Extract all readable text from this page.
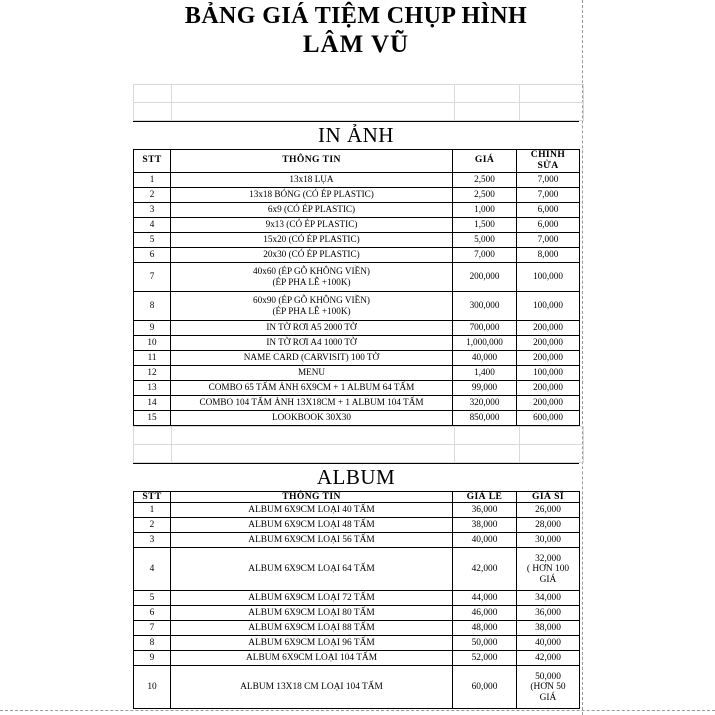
BẢNG GIÁ TIỆM CHỤP HÌNH
LÂM VŨ

IN ẢNH
STT	THÔNG TIN	GIÁ	CHỈNH SỬA
1	13x18 LỤA	2,500	7,000
2	13x18 BÓNG (CÓ ÉP PLASTIC)	2,500	7,000
3	6x9 (CÓ ÉP PLASTIC)	1,000	6,000
4	9x13 (CÓ ÉP PLASTIC)	1,500	6,000
5	15x20 (CÓ ÉP PLASTIC)	5,000	7,000
6	20x30 (CÓ ÉP PLASTIC)	7,000	8,000
7	40x60 (ÉP GỖ KHÔNG VIỀN)
(ÉP PHA LÊ +100K)	200,000	100,000
8	60x90 (ÉP GỖ KHÔNG VIỀN)
(ÉP PHA LÊ +100K)	300,000	100,000
9	IN TỜ RƠI A5 2000 TỜ	700,000	200,000
10	IN TỜ RƠI A4 1000 TỜ	1,000,000	200,000
11	NAME CARD (CARVISIT) 100 TỜ	40,000	200,000
12	MENU	1,400	100,000
13	COMBO 65 TẤM ẢNH 6X9CM + 1 ALBUM 64 TẤM	99,000	200,000
14	COMBO 104 TẤM ẢNH 13X18CM + 1 ALBUM 104 TẤM	320,000	200,000
15	LOOKBOOK 30X30	850,000	600,000

ALBUM
STT	THÔNG TIN	GIÁ LẺ	GIÁ SĨ
1	ALBUM 6X9CM LOẠI 40 TẤM	36,000	26,000
2	ALBUM 6X9CM LOẠI 48 TẤM	38,000	28,000
3	ALBUM 6X9CM LOẠI 56 TẤM	40,000	30,000
4	ALBUM 6X9CM LOẠI 64 TẤM	42,000	32,000
( HƠN 100
GIÁ
5	ALBUM 6X9CM LOẠI 72 TẤM	44,000	34,000
6	ALBUM 6X9CM LOẠI 80 TẤM	46,000	36,000
7	ALBUM 6X9CM LOẠI 88 TẤM	48,000	38,000
8	ALBUM 6X9CM LOẠI 96 TẤM	50,000	40,000
9	ALBUM 6X9CM LOẠI 104 TẤM	52,000	42,000
10	ALBUM 13X18 CM LOẠI 104 TẤM	60,000	50,000
(HƠN 50
GIÁ
